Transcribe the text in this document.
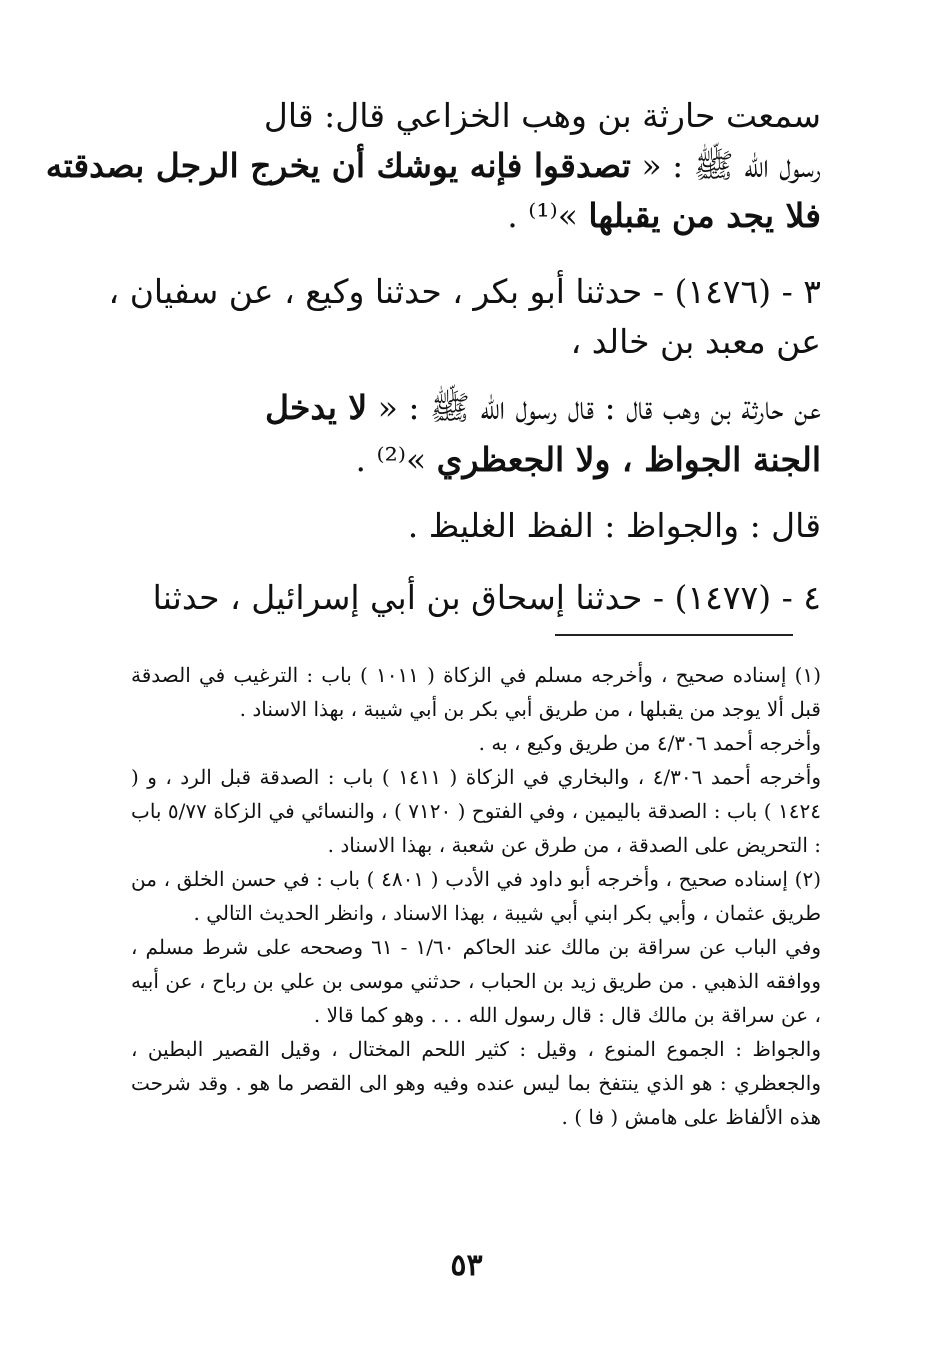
سمعت حارثة بن وهب الخزاعي قال: قال
رسول الله ﷺ : « تصدقوا فإنه يوشك أن يخرج الرجل بصدقته
فلا يجد من يقبلها »⁽¹⁾ .
٣ - (١٤٧٦) - حدثنا أبو بكر ، حدثنا وكيع ، عن سفيان ،
عن معبد بن خالد ،
عن حارثة بن وهب قال : قال رسول الله ﷺ : « لا يدخل
الجنة الجواظ ، ولا الجعظري »⁽²⁾ .
قال : والجواظ : الفظ الغليظ .
٤ - (١٤٧٧) - حدثنا إسحاق بن أبي إسرائيل ، حدثنا

(١) إسناده صحيح ، وأخرجه مسلم في الزكاة ( ١٠١١ ) باب : الترغيب في الصدقة قبل ألا يوجد من يقبلها ، من طريق أبي بكر بن أبي شيبة ، بهذا الاسناد .

وأخرجه أحمد ٤/٣٠٦ من طريق وكيع ، به .

وأخرجه أحمد ٤/٣٠٦ ، والبخاري في الزكاة ( ١٤١١ ) باب : الصدقة قبل الرد ، و ( ١٤٢٤ ) باب : الصدقة باليمين ، وفي الفتوح ( ٧١٢٠ ) ، والنسائي في الزكاة ٥/٧٧ باب : التحريض على الصدقة ، من طرق عن شعبة ، بهذا الاسناد .

(٢) إسناده صحيح ، وأخرجه أبو داود في الأدب ( ٤٨٠١ ) باب : في حسن الخلق ، من طريق عثمان ، وأبي بكر ابني أبي شيبة ، بهذا الاسناد ، وانظر الحديث التالي .

وفي الباب عن سراقة بن مالك عند الحاكم ١/٦٠ - ٦١ وصححه على شرط مسلم ، ووافقه الذهبي . من طريق زيد بن الحباب ، حدثني موسى بن علي بن رباح ، عن أبيه ، عن سراقة بن مالك قال : قال رسول الله . . . وهو كما قالا .

والجواظ : الجموع المنوع ، وقيل : كثير اللحم المختال ، وقيل القصير البطين ، والجعظري : هو الذي ينتفخ بما ليس عنده وفيه وهو الى القصر ما هو . وقد شرحت هذه الألفاظ على هامش ( فا ) .

٥٣
